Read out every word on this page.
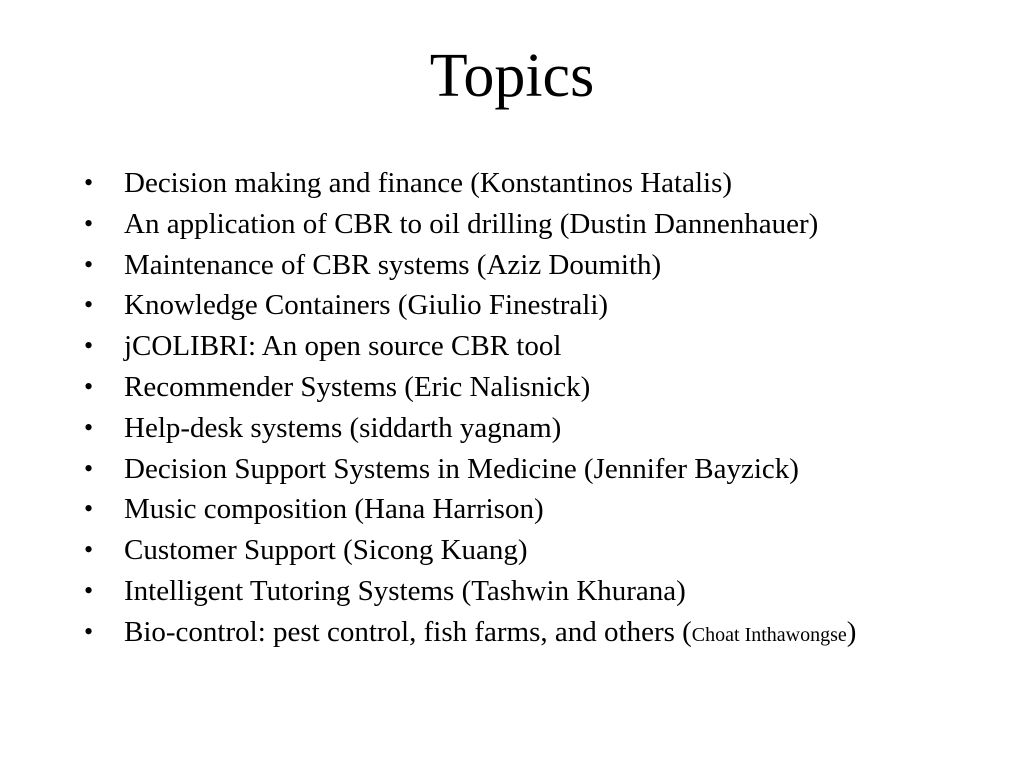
Topics
•	Decision making and finance (Konstantinos Hatalis)
•	An application of CBR to oil drilling (Dustin Dannenhauer)
•	Maintenance of CBR systems (Aziz Doumith)
•	Knowledge Containers (Giulio Finestrali)
•	jCOLIBRI: An open source CBR tool
•	Recommender Systems (Eric Nalisnick)
•	Help-desk systems (siddarth yagnam)
•	Decision Support Systems in Medicine (Jennifer Bayzick)
•	Music composition (Hana Harrison)
•	Customer Support (Sicong Kuang)
•	Intelligent Tutoring Systems (Tashwin Khurana)
•	Bio-control: pest control, fish farms, and others (Choat Inthawongse)
